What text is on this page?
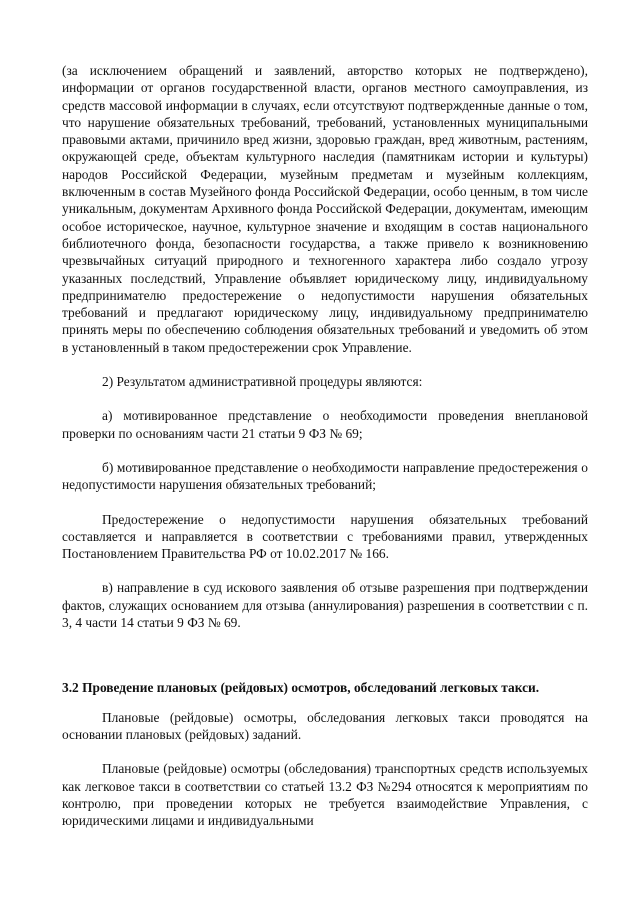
(за исключением обращений и заявлений, авторство которых не подтверждено), информации от органов государственной власти, органов местного самоуправления, из средств массовой информации в случаях, если отсутствуют подтвержденные данные о том, что нарушение обязательных требований, требований, установленных муниципальными правовыми актами, причинило вред жизни, здоровью граждан, вред животным, растениям, окружающей среде, объектам культурного наследия (памятникам истории и культуры) народов Российской Федерации, музейным предметам и музейным коллекциям, включенным в состав Музейного фонда Российской Федерации, особо ценным, в том числе уникальным, документам Архивного фонда Российской Федерации, документам, имеющим особое историческое, научное, культурное значение и входящим в состав национального библиотечного фонда, безопасности государства, а также привело к возникновению чрезвычайных ситуаций природного и техногенного характера либо создало угрозу указанных последствий, Управление объявляет юридическому лицу, индивидуальному предпринимателю предостережение о недопустимости нарушения обязательных требований и предлагают юридическому лицу, индивидуальному предпринимателю принять меры по обеспечению соблюдения обязательных требований и уведомить об этом в установленный в таком предостережении срок Управление.

2) Результатом административной процедуры являются:

а) мотивированное представление о необходимости проведения внеплановой проверки по основаниям части 21 статьи 9 ФЗ № 69;

б) мотивированное представление о необходимости направление предостережения о недопустимости нарушения обязательных требований;

Предостережение о недопустимости нарушения обязательных требований составляется и направляется в соответствии с требованиями правил, утвержденных Постановлением Правительства РФ от 10.02.2017 № 166.

в) направление в суд искового заявления об отзыве разрешения при подтверждении фактов, служащих основанием для отзыва (аннулирования) разрешения в соответствии с п. 3, 4 части 14 статьи 9 ФЗ № 69.

3.2 Проведение плановых (рейдовых) осмотров, обследований легковых такси.

Плановые (рейдовые) осмотры, обследования легковых такси проводятся на основании плановых (рейдовых) заданий.

Плановые (рейдовые) осмотры (обследования) транспортных средств используемых как легковое такси в соответствии со статьей 13.2 ФЗ №294 относятся к мероприятиям по контролю, при проведении которых не требуется взаимодействие Управления, с юридическими лицами и индивидуальными
